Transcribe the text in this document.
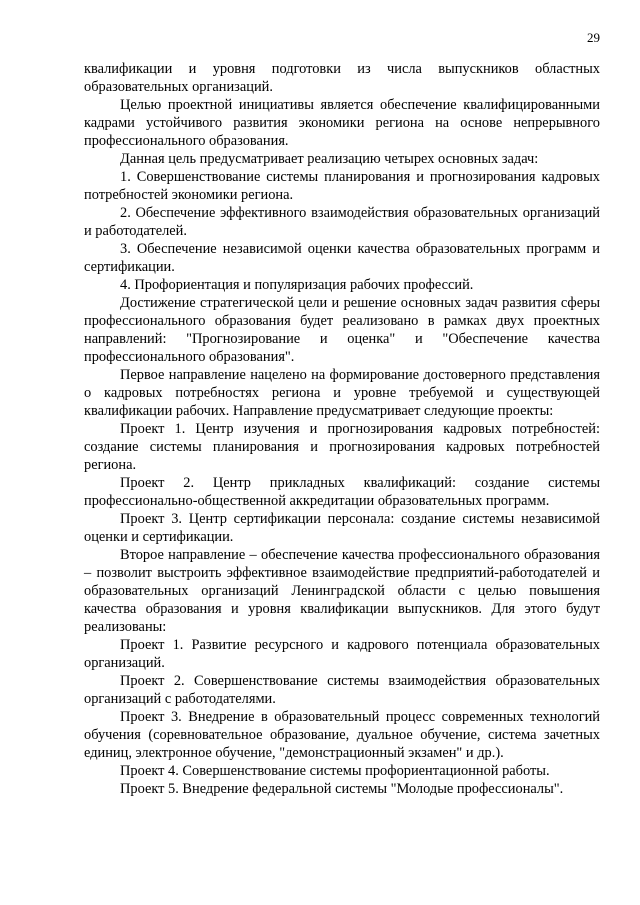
29

квалификации и уровня подготовки из числа выпускников областных образовательных организаций.

Целью проектной инициативы является обеспечение квалифицированными кадрами устойчивого развития экономики региона на основе непрерывного профессионального образования.

Данная цель предусматривает реализацию четырех основных задач:

1. Совершенствование системы планирования и прогнозирования кадровых потребностей экономики региона.

2. Обеспечение эффективного взаимодействия образовательных организаций и работодателей.

3. Обеспечение независимой оценки качества образовательных программ и сертификации.

4. Профориентация и популяризация рабочих профессий.

Достижение стратегической цели и решение основных задач развития сферы профессионального образования будет реализовано в рамках двух проектных направлений: "Прогнозирование и оценка" и "Обеспечение качества профессионального образования".

Первое направление нацелено на формирование достоверного представления о кадровых потребностях региона и уровне требуемой и существующей квалификации рабочих. Направление предусматривает следующие проекты:

Проект 1. Центр изучения и прогнозирования кадровых потребностей: создание системы планирования и прогнозирования кадровых потребностей региона.

Проект 2. Центр прикладных квалификаций: создание системы профессионально-общественной аккредитации образовательных программ.

Проект 3. Центр сертификации персонала: создание системы независимой оценки и сертификации.

Второе направление – обеспечение качества профессионального образования – позволит выстроить эффективное взаимодействие предприятий-работодателей и образовательных организаций Ленинградской области с целью повышения качества образования и уровня квалификации выпускников. Для этого будут реализованы:

Проект 1. Развитие ресурсного и кадрового потенциала образовательных организаций.

Проект 2. Совершенствование системы взаимодействия образовательных организаций с работодателями.

Проект 3. Внедрение в образовательный процесс современных технологий обучения (соревновательное образование, дуальное обучение, система зачетных единиц, электронное обучение, "демонстрационный экзамен" и др.).

Проект 4. Совершенствование системы профориентационной работы.

Проект 5. Внедрение федеральной системы "Молодые профессионалы".
